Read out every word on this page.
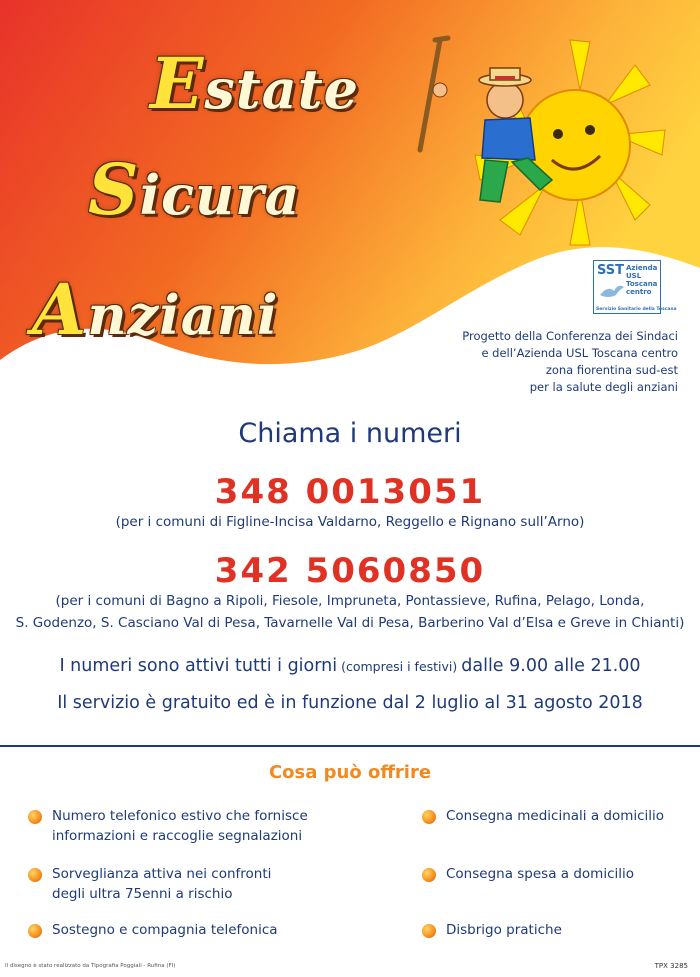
Estate
Sicura
Anziani
SST Azienda
USL
Toscana
centro
Servizio Sanitario della Toscana
Progetto della Conferenza dei Sindaci
e dell’Azienda USL Toscana centro
zona fiorentina sud-est
per la salute degli anziani
Chiama i numeri
348 0013051
(per i comuni di Figline-Incisa Valdarno, Reggello e Rignano sull’Arno)
342 5060850
(per i comuni di Bagno a Ripoli, Fiesole, Impruneta, Pontassieve, Rufina, Pelago, Londa,
S. Godenzo, S. Casciano Val di Pesa, Tavarnelle Val di Pesa, Barberino Val d’Elsa e Greve in Chianti)
I numeri sono attivi tutti i giorni (compresi i festivi) dalle 9.00 alle 21.00
Il servizio è gratuito ed è in funzione dal 2 luglio al 31 agosto 2018
Cosa può offrire
Numero telefonico estivo che fornisce
informazioni e raccoglie segnalazioni
Sorveglianza attiva nei confronti
degli ultra 75enni a rischio
Sostegno e compagnia telefonica
Consegna medicinali a domicilio
Consegna spesa a domicilio
Disbrigo pratiche
Il disegno è stato realizzato da Tipografia Poggiali - Rufina (FI)	TPX 3285
